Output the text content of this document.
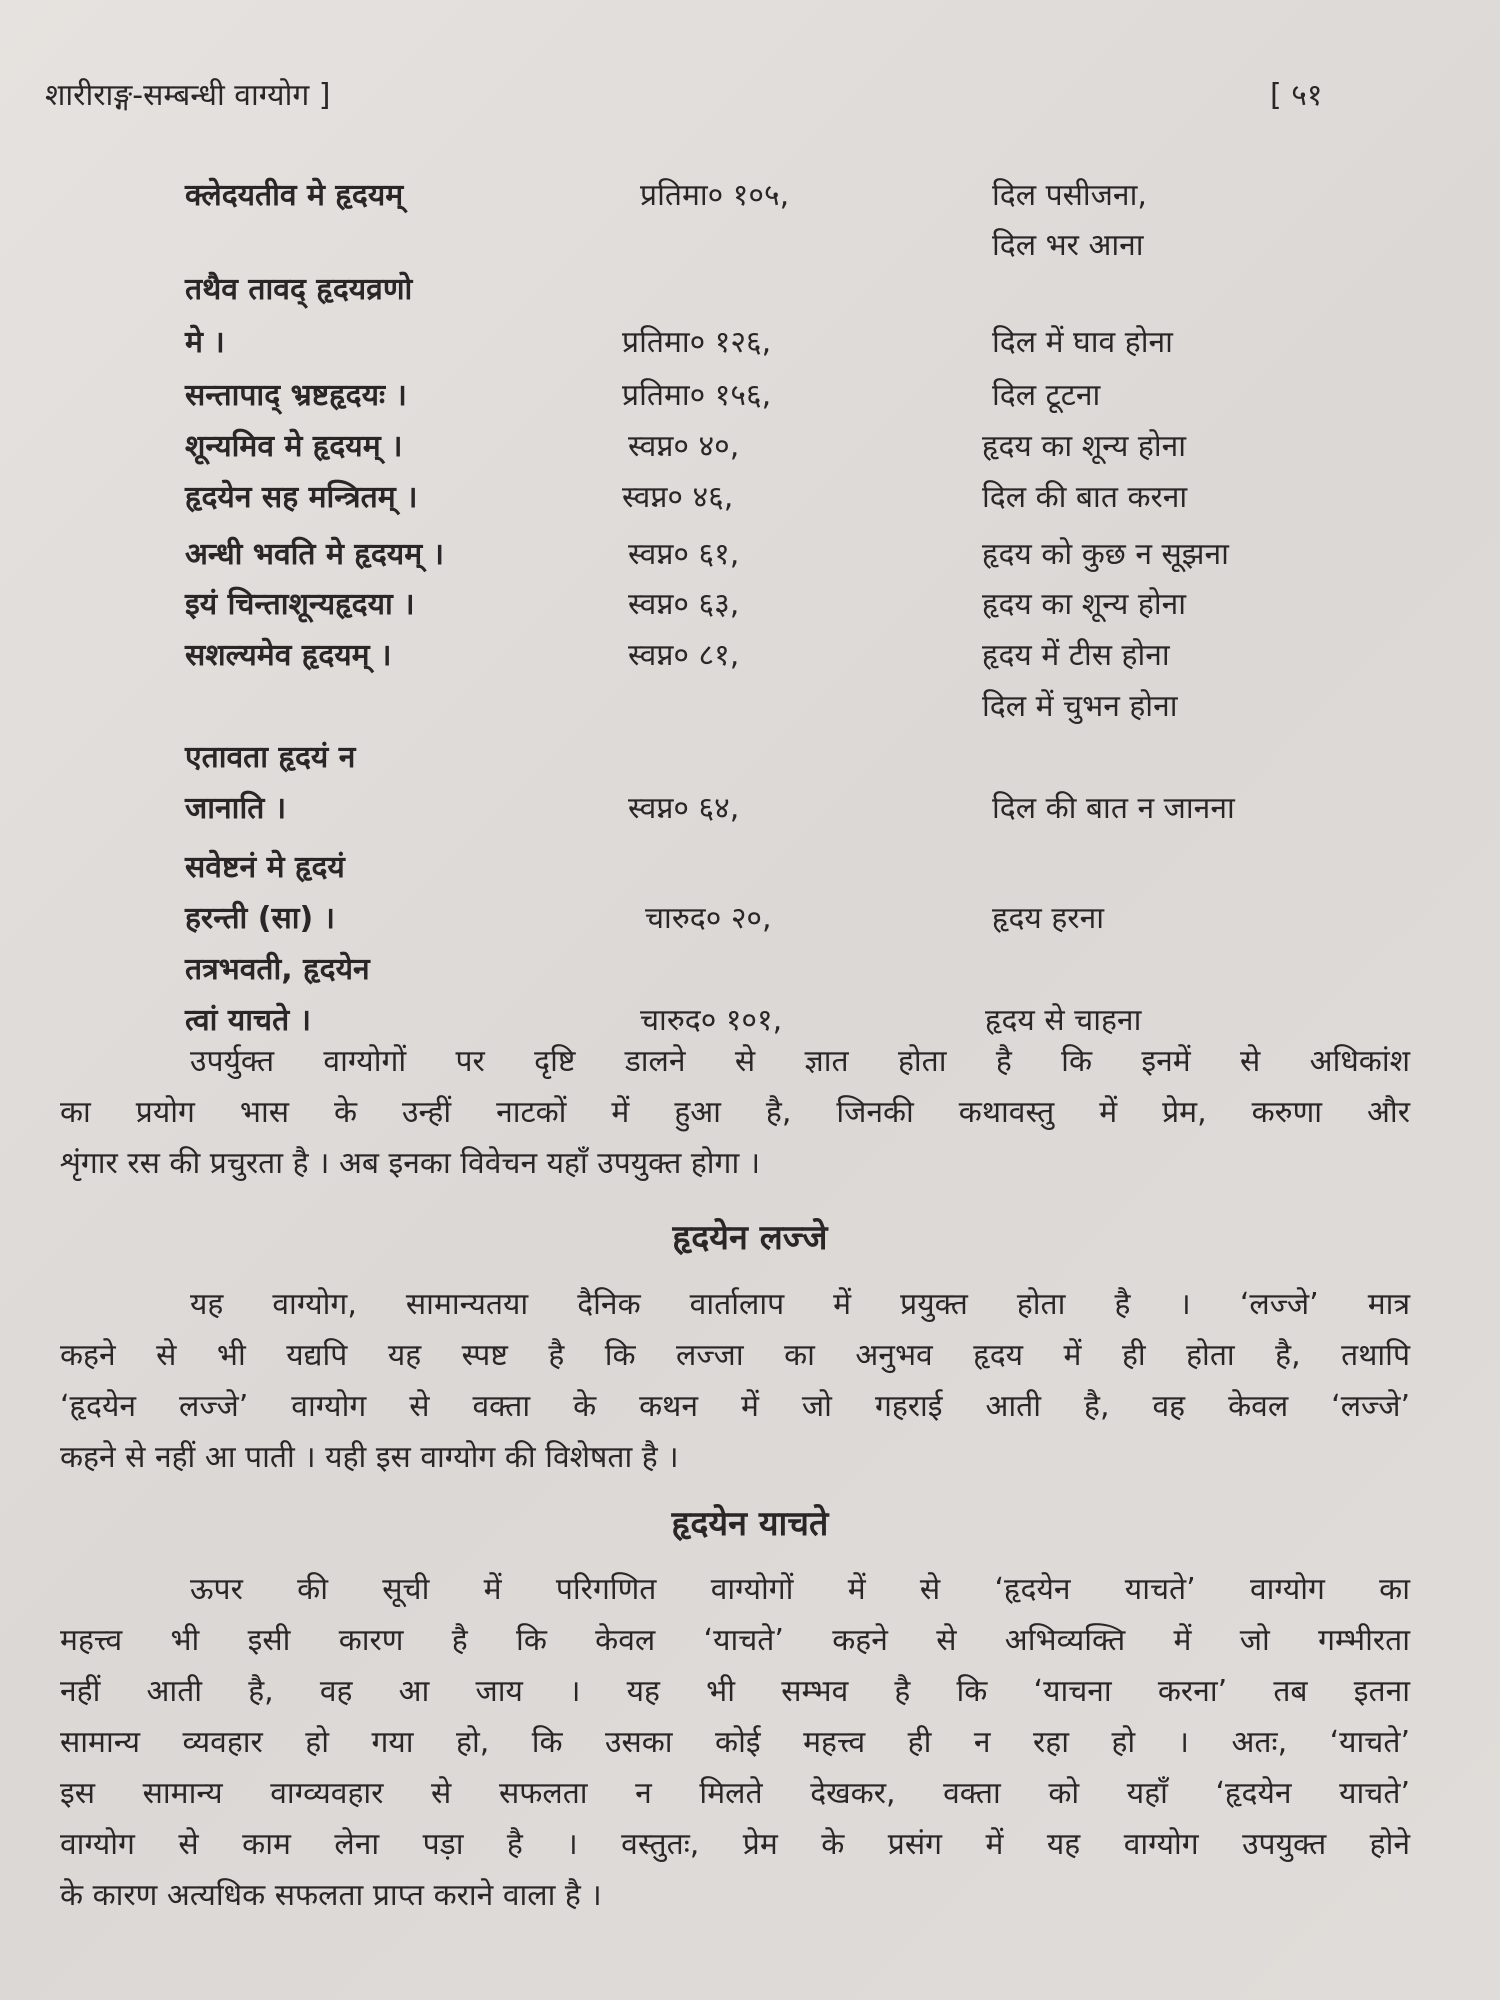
शारीराङ्ग-सम्बन्धी वाग्योग ]	[ ५१
क्लेदयतीव मे हृदयम्	प्रतिमा० १०५,	दिल पसीजना,
दिल भर आना
तथैव तावद् हृदयव्रणो
मे ।	प्रतिमा० १२६,	दिल में घाव होना
सन्तापाद् भ्रष्टहृदयः ।	प्रतिमा० १५६,	दिल टूटना
शून्यमिव मे हृदयम् ।	स्वप्न० ४०,	हृदय का शून्य होना
हृदयेन सह मन्त्रितम् ।	स्वप्न० ४६,	दिल की बात करना
अन्धी भवति मे हृदयम् ।	स्वप्न० ६१,	हृदय को कुछ न सूझना
इयं चिन्ताशून्यहृदया ।	स्वप्न० ६३,	हृदय का शून्य होना
सशल्यमेव हृदयम् ।	स्वप्न० ८१,	हृदय में टीस होना
दिल में चुभन होना
एतावता हृदयं न
जानाति ।	स्वप्न० ६४,	दिल की बात न जानना
सवेष्टनं मे हृदयं
हरन्ती (सा) ।	चारुद० २०,	हृदय हरना
तत्रभवती, हृदयेन
त्वां याचते ।	चारुद० १०१,	हृदय से चाहना
उपर्युक्त वाग्योगों पर दृष्टि डालने से ज्ञात होता है कि इनमें से अधिकांश
का प्रयोग भास के उन्हीं नाटकों में हुआ है, जिनकी कथावस्तु में प्रेम, करुणा और
शृंगार रस की प्रचुरता है । अब इनका विवेचन यहाँ उपयुक्त होगा ।
हृदयेन लज्जे
यह वाग्योग, सामान्यतया दैनिक वार्तालाप में प्रयुक्त होता है । ‘लज्जे’ मात्र
कहने से भी यद्यपि यह स्पष्ट है कि लज्जा का अनुभव हृदय में ही होता है, तथापि
‘हृदयेन लज्जे’ वाग्योग से वक्ता के कथन में जो गहराई आती है, वह केवल ‘लज्जे’
कहने से नहीं आ पाती । यही इस वाग्योग की विशेषता है ।
हृदयेन याचते
ऊपर की सूची में परिगणित वाग्योगों में से ‘हृदयेन याचते’ वाग्योग का
महत्त्व भी इसी कारण है कि केवल ‘याचते’ कहने से अभिव्यक्ति में जो गम्भीरता
नहीं आती है, वह आ जाय । यह भी सम्भव है कि ‘याचना करना’ तब इतना
सामान्य व्यवहार हो गया हो, कि उसका कोई महत्त्व ही न रहा हो । अतः, ‘याचते’
इस सामान्य वाग्व्यवहार से सफलता न मिलते देखकर, वक्ता को यहाँ ‘हृदयेन याचते’
वाग्योग से काम लेना पड़ा है । वस्तुतः, प्रेम के प्रसंग में यह वाग्योग उपयुक्त होने
के कारण अत्यधिक सफलता प्राप्त कराने वाला है ।
